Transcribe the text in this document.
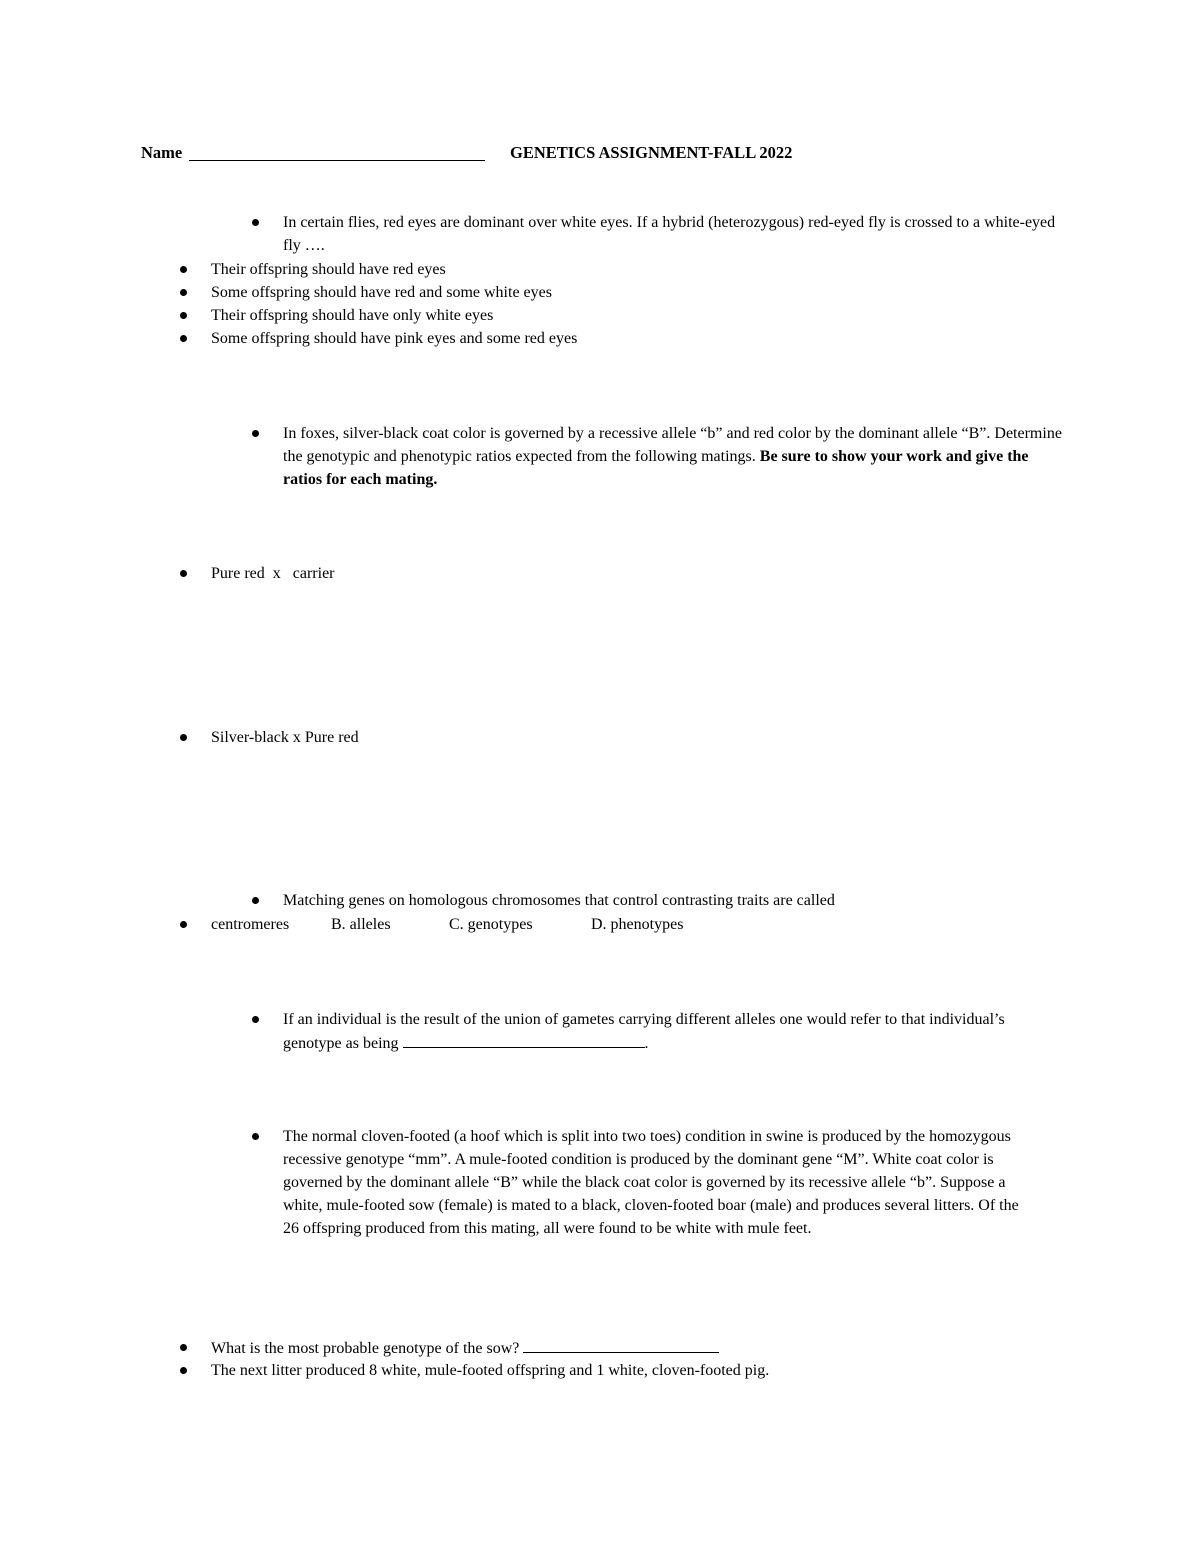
Name	GENETICS ASSIGNMENT-FALL 2022
In certain flies, red eyes are dominant over white eyes. If a hybrid (heterozygous) red-eyed fly is crossed to a white-eyed fly ….
Their offspring should have red eyes
Some offspring should have red and some white eyes
Their offspring should have only white eyes
Some offspring should have pink eyes and some red eyes
In foxes, silver-black coat color is governed by a recessive allele “b” and red color by the dominant allele “B”. Determine the genotypic and phenotypic ratios expected from the following matings. Be sure to show your work and give the ratios for each mating.
Pure red  x   carrier
Silver-black x Pure red
Matching genes on homologous chromosomes that control contrasting traits are called
centromeres	B. alleles	C. genotypes	D. phenotypes
If an individual is the result of the union of gametes carrying different alleles one would refer to that individual’s genotype as being	.
The normal cloven-footed (a hoof which is split into two toes) condition in swine is produced by the homozygous recessive genotype “mm”. A mule-footed condition is produced by the dominant gene “M”. White coat color is governed by the dominant allele “B” while the black coat color is governed by its recessive allele “b”. Suppose a white, mule-footed sow (female) is mated to a black, cloven-footed boar (male) and produces several litters. Of the 26 offspring produced from this mating, all were found to be white with mule feet.
What is the most probable genotype of the sow?
The next litter produced 8 white, mule-footed offspring and 1 white, cloven-footed pig.
